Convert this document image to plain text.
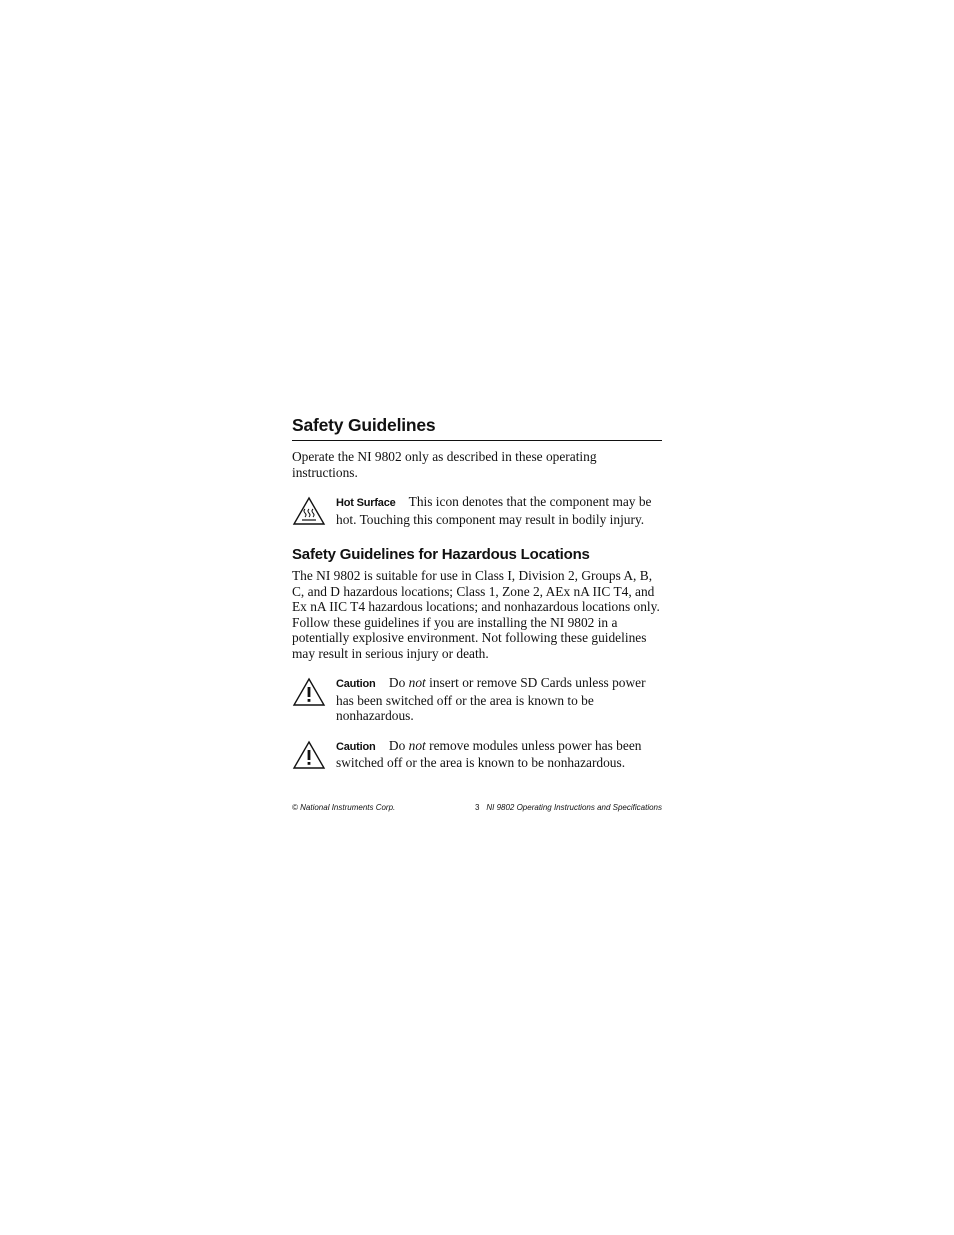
Safety Guidelines

Operate the NI 9802 only as described in these operating instructions.

Hot Surface This icon denotes that the component may be hot. Touching this component may result in bodily injury.
Safety Guidelines for Hazardous Locations

The NI 9802 is suitable for use in Class I, Division 2, Groups A, B, C, and D hazardous locations; Class 1, Zone 2, AEx nA IIC T4, and Ex nA IIC T4 hazardous locations; and nonhazardous locations only. Follow these guidelines if you are installing the NI 9802 in a potentially explosive environment. Not following these guidelines may result in serious injury or death.

Caution Do not insert or remove SD Cards unless power has been switched off or the area is known to be nonhazardous.
Caution Do not remove modules unless power has been switched off or the area is known to be nonhazardous.
© National Instruments Corp.	3 NI 9802 Operating Instructions and Specifications
